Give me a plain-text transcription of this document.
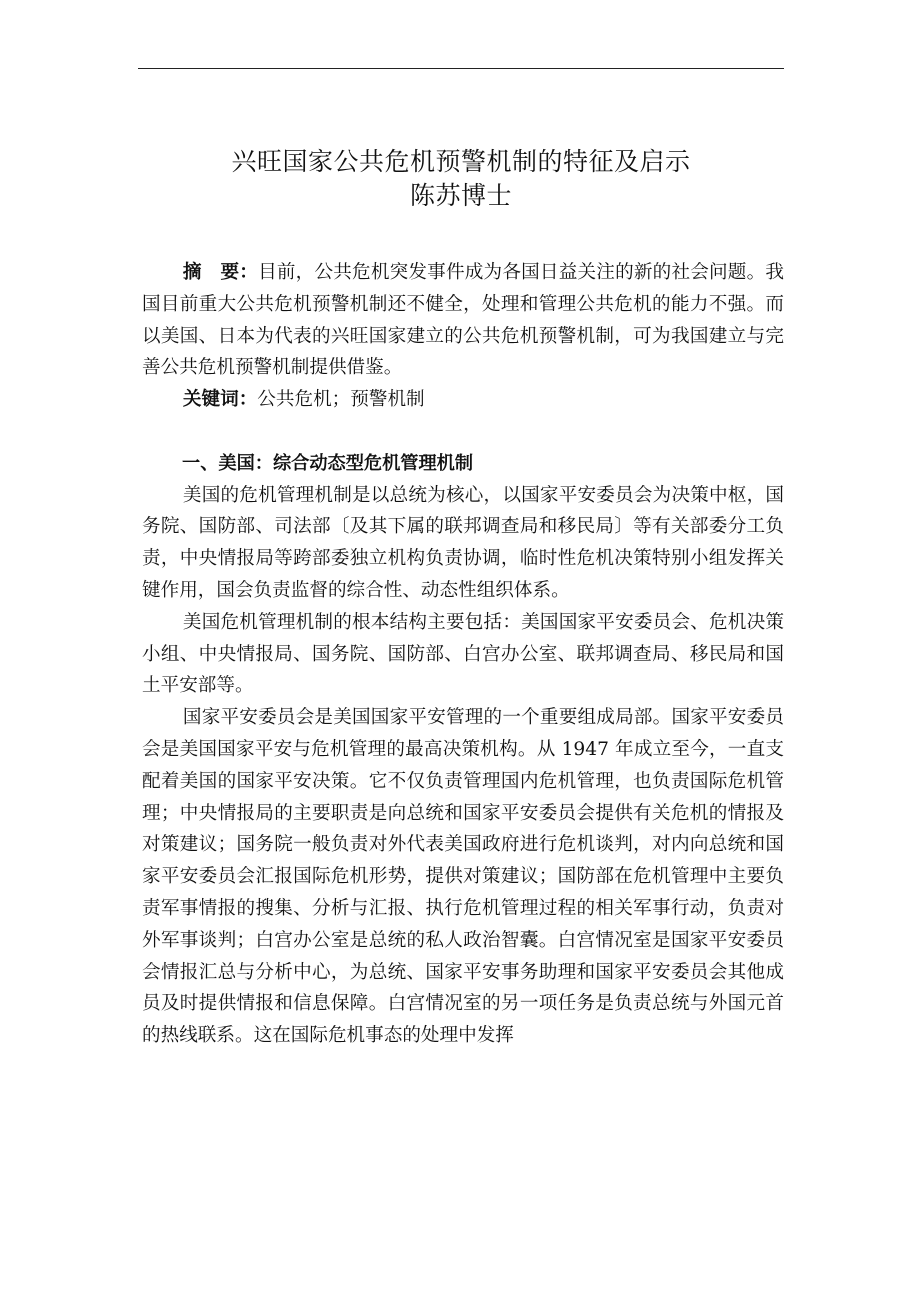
兴旺国家公共危机预警机制的特征及启示
陈苏博士

摘　要：目前，公共危机突发事件成为各国日益关注的新的社会问题。我国目前重大公共危机预警机制还不健全，处理和管理公共危机的能力不强。而以美国、日本为代表的兴旺国家建立的公共危机预警机制，可为我国建立与完善公共危机预警机制提供借鉴。

关键词：公共危机；预警机制

一、美国：综合动态型危机管理机制

美国的危机管理机制是以总统为核心，以国家平安委员会为决策中枢，国务院、国防部、司法部〔及其下属的联邦调查局和移民局〕等有关部委分工负责，中央情报局等跨部委独立机构负责协调，临时性危机决策特别小组发挥关键作用，国会负责监督的综合性、动态性组织体系。

美国危机管理机制的根本结构主要包括：美国国家平安委员会、危机决策小组、中央情报局、国务院、国防部、白宫办公室、联邦调查局、移民局和国土平安部等。

国家平安委员会是美国国家平安管理的一个重要组成局部。国家平安委员会是美国国家平安与危机管理的最高决策机构。从 1947 年成立至今，一直支配着美国的国家平安决策。它不仅负责管理国内危机管理，也负责国际危机管理；中央情报局的主要职责是向总统和国家平安委员会提供有关危机的情报及对策建议；国务院一般负责对外代表美国政府进行危机谈判，对内向总统和国家平安委员会汇报国际危机形势，提供对策建议；国防部在危机管理中主要负责军事情报的搜集、分析与汇报、执行危机管理过程的相关军事行动，负责对外军事谈判；白宫办公室是总统的私人政治智囊。白宫情况室是国家平安委员会情报汇总与分析中心，为总统、国家平安事务助理和国家平安委员会其他成员及时提供情报和信息保障。白宫情况室的另一项任务是负责总统与外国元首的热线联系。这在国际危机事态的处理中发挥
